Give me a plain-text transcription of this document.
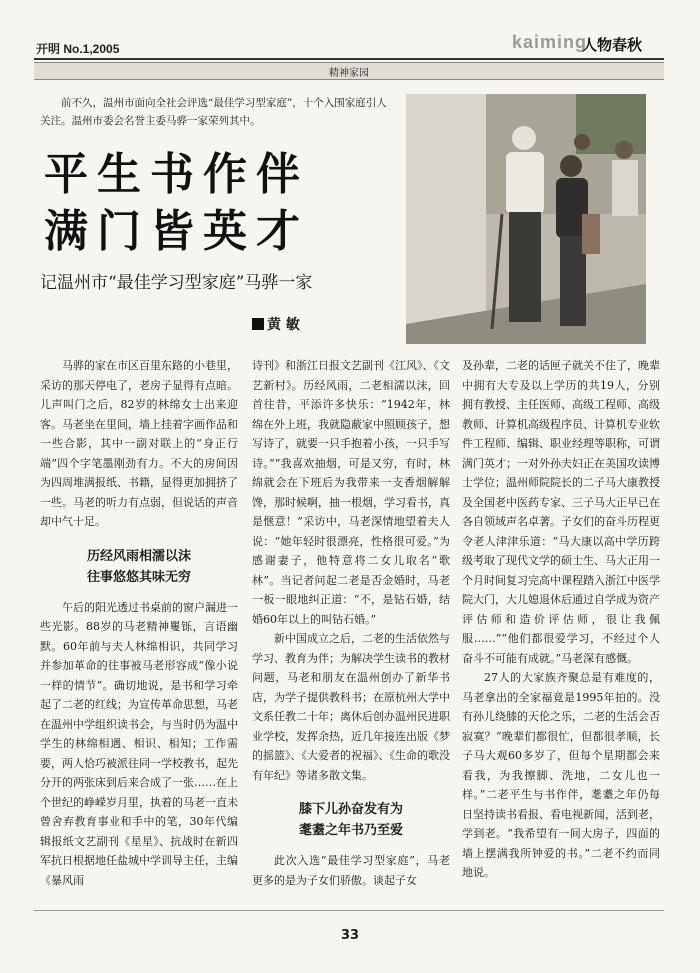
开明 No.1,2005	kaiming
人物春秋
精神家园
前不久，温州市面向全社会评选“最佳学习型家庭”，十个入围家庭引人关注。温州市委会名誉主委马骅一家荣列其中。
平生书作伴
满门皆英才
记温州市“最佳学习型家庭”马骅一家
黄 敏

马骅的家在市区百里东路的小巷里，采访的那天停电了，老房子显得有点暗。儿声叫门之后，82岁的林绵女士出来迎客。马老坐在里间，墙上挂着字画作品和一些合影，其中一副对联上的“身正行端”四个字笔墨刚劲有力。不大的房间因为四周堆满报纸、书籍，显得更加拥挤了一些。马老的听力有点弱，但说话的声音却中气十足。

历经风雨相濡以沫
往事悠悠其味无穷

午后的阳光透过书桌前的窗户漏进一些光影。88岁的马老精神矍铄，言语幽默。60年前与夫人林绵相识，共同学习并参加革命的往事被马老形容成“像小说一样的情节”。确切地说，是书和学习牵起了二老的红线；为宣传革命思想，马老在温州中学组织读书会，与当时仍为温中学生的林绵相遇、相识、相知；工作需要，两人恰巧被派往同一学校教书，起先分开的两张床到后来合成了一张……在上个世纪的峥嵘岁月里，执着的马老一直未曾舍弃教育事业和手中的笔，30年代编辑报纸文艺副刊《星星》、抗战时在新四军抗日根据地任盐城中学训导主任，主编《暴风雨

诗刊》和浙江日报文艺副刊《江风》、《文艺新村》。历经风雨，二老相濡以沫，回首往昔，平添许多快乐：“1942年，林绵在外上班，我就隐蔽家中照顾孩子，想写诗了，就要一只手抱着小孩，一只手写诗。”“我喜欢抽烟，可是又穷，有时，林绵就会在下班后为我带来一支香烟解解馋，那时候啊，抽一根烟，学习看书，真是惬意！”采访中，马老深情地望着夫人说：“她年轻时很漂亮，性格很可爱。”为感谢妻子，他特意将二女儿取名“歌林”。当记者问起二老是否金婚时，马老一板一眼地纠正道：“不，是钻石婚，结婚60年以上的叫钻石婚。”

新中国成立之后，二老的生活依然与学习、教育为伴；为解决学生读书的教材问题，马老和朋友在温州创办了新华书店，为学子提供教科书；在原杭州大学中文系任教二十年；离休后创办温州民进职业学校，发挥余热，近几年接连出版《梦的摇篮》、《大爱者的祝福》、《生命的歌没有年纪》等诸多散文集。

膝下儿孙奋发有为
耄耋之年书乃至爱

此次入选“最佳学习型家庭”，马老更多的是为子女们骄傲。谈起子女

及孙辈，二老的话匣子就关不住了，晚辈中拥有大专及以上学历的共19人，分别拥有教授、主任医师、高级工程师、高级教师、计算机高级程序员、计算机专业软件工程师、编辑、职业经理等职称，可谓满门英才；一对外孙夫妇正在美国攻读博士学位；温州师院院长的二子马大康教授及全国老中医药专家、三子马大正早已在各自领域声名卓著。子女们的奋斗历程更令老人津津乐道：“马大康以高中学历跨级考取了现代文学的硕士生、马大正用一个月时间复习完高中课程踏入浙江中医学院大门，大儿媳退休后通过自学成为资产评估师和造价评估师，很让我佩服……”“他们都很爱学习，不经过个人奋斗不可能有成就。”马老深有感慨。

27人的大家族齐聚总是有难度的，马老拿出的全家福竟是1995年拍的。没有孙儿绕膝的天伦之乐，二老的生活会否寂寞？“晚辈们都很忙，但都很孝顺，长子马大观60多岁了，但每个星期都会来看我，为我擦脚、洗地，二女儿也一样。”二老平生与书作伴，耄耋之年仍每日坚持读书看报、看电视新闻，活到老，学到老。“我希望有一间大房子，四面的墙上摆满我所钟爱的书。”二老不约而同地说。

33
